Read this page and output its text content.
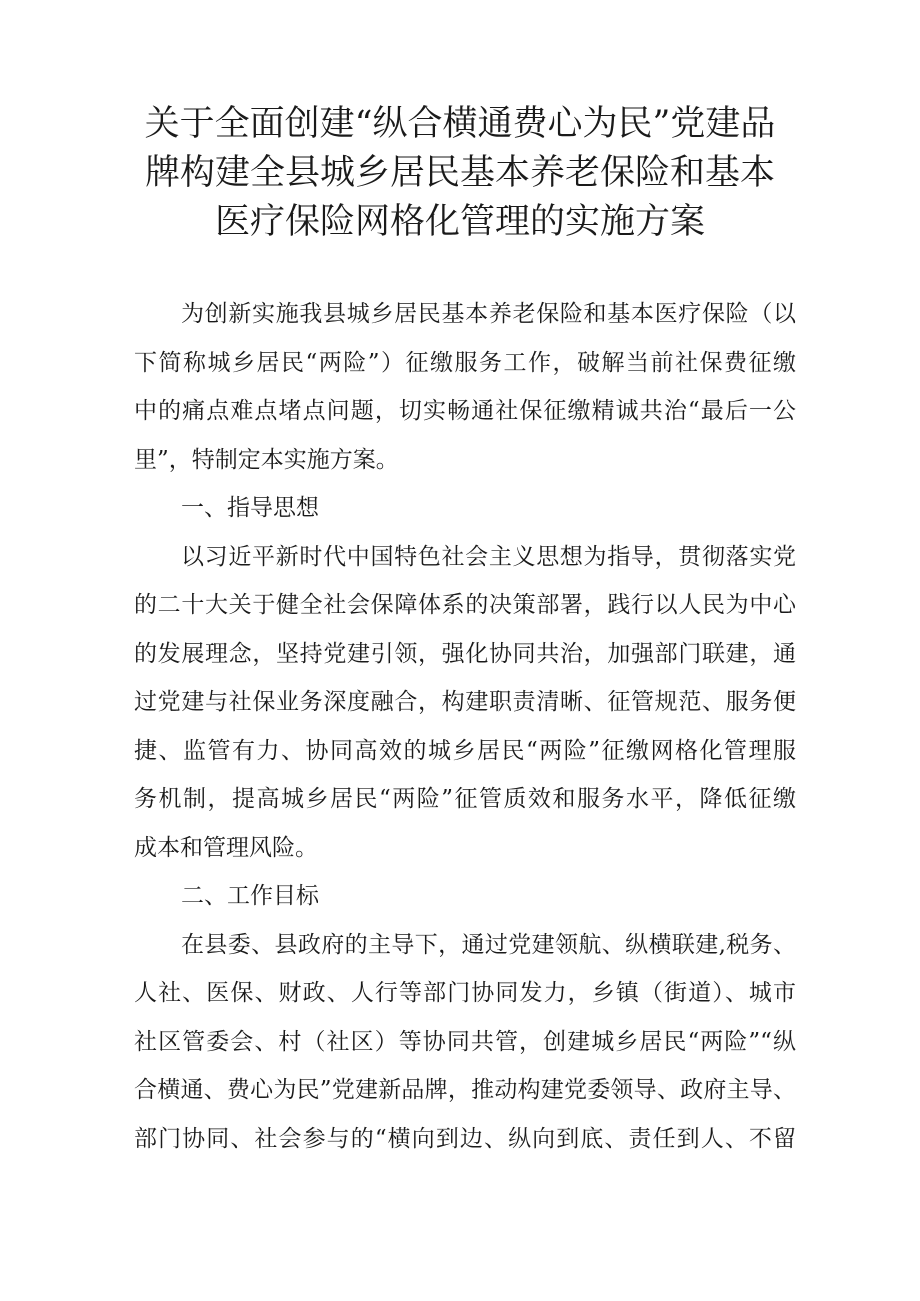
关于全面创建“纵合横通费心为民”党建品
牌构建全县城乡居民基本养老保险和基本
医疗保险网格化管理的实施方案
为创新实施我县城乡居民基本养老保险和基本医疗保险（以
下简称城乡居民“两险”）征缴服务工作，破解当前社保费征缴
中的痛点难点堵点问题，切实畅通社保征缴精诚共治“最后一公
里”，特制定本实施方案。
一、指导思想
以习近平新时代中国特色社会主义思想为指导，贯彻落实党
的二十大关于健全社会保障体系的决策部署，践行以人民为中心
的发展理念，坚持党建引领，强化协同共治，加强部门联建，通
过党建与社保业务深度融合，构建职责清晰、征管规范、服务便
捷、监管有力、协同高效的城乡居民“两险”征缴网格化管理服
务机制，提高城乡居民“两险”征管质效和服务水平，降低征缴
成本和管理风险。
二、工作目标
在县委、县政府的主导下，通过党建领航、纵横联建,税务、
人社、医保、财政、人行等部门协同发力，乡镇（街道）、城市
社区管委会、村（社区）等协同共管，创建城乡居民“两险”“纵
合横通、费心为民”党建新品牌，推动构建党委领导、政府主导、
部门协同、社会参与的“横向到边、纵向到底、责任到人、不留
